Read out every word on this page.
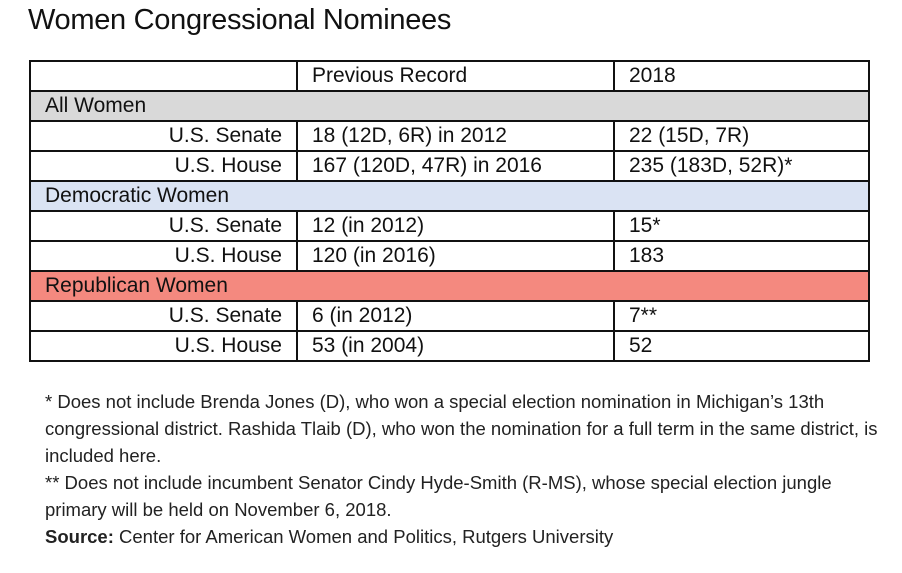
Women Congressional Nominees
	Previous Record	2018
All Women		
U.S. Senate	18 (12D, 6R) in 2012	22 (15D, 7R)
U.S. House	167 (120D, 47R) in 2016	235 (183D, 52R)*
Democratic Women		
U.S. Senate	12 (in 2012)	15*
U.S. House	120 (in 2016)	183
Republican Women		
U.S. Senate	6 (in 2012)	7**
U.S. House	53 (in 2004)	52

* Does not include Brenda Jones (D), who won a special election nomination in Michigan’s 13th congressional district. Rashida Tlaib (D), who won the nomination for a full term in the same district, is included here.

** Does not include incumbent Senator Cindy Hyde-Smith (R-MS), whose special election jungle primary will be held on November 6, 2018.

Source: Center for American Women and Politics, Rutgers University
